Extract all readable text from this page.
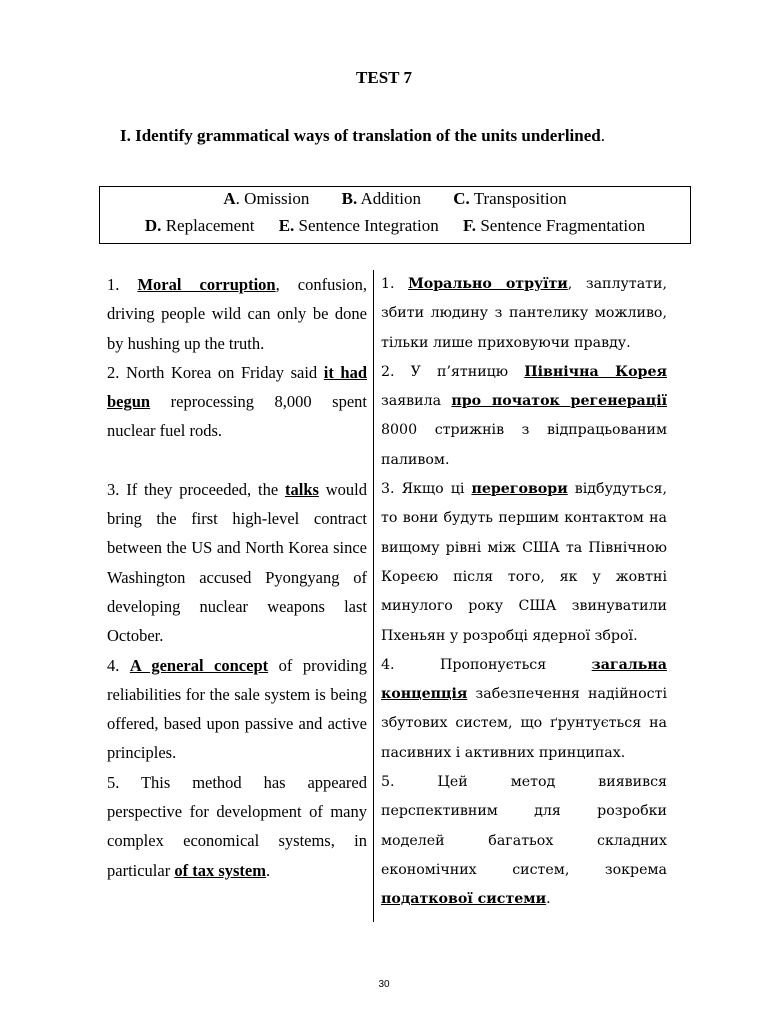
TEST 7
I. Identify grammatical ways of translation of the units underlined.
A. Omission B. Addition C. Transposition
D. Replacement E. Sentence Integration F. Sentence Fragmentation
1. Moral corruption, confusion, driving people wild can only be done by hushing up the truth.
2. North Korea on Friday said it had begun reprocessing 8,000 spent nuclear fuel rods.
3. If they proceeded, the talks would bring the first high-level contract between the US and North Korea since Washington accused Pyongyang of developing nuclear weapons last October.
4. A general concept of providing reliabilities for the sale system is being offered, based upon passive and active principles.
5. This method has appeared perspective for development of many complex economical systems, in particular of tax system.
1. Морально отруїти, заплутати, збити людину з пантелику можливо, тільки лише приховуючи правду.
2. У п’ятницю Північна Корея заявила про початок регенерації 8000 стрижнів з відпрацьованим паливом.
3. Якщо ці переговори відбудуться, то вони будуть першим контактом на вищому рівні між США та Північною Кореєю після того, як у жовтні минулого року США звинуватили Пхеньян у розробці ядерної зброї.
4. Пропонується загальна концепція забезпечення надійності збутових систем, що ґрунтується на пасивних і активних принципах.
5. Цей метод виявився перспективним для розробки моделей багатьох складних економічних систем, зокрема податкової системи.
30
